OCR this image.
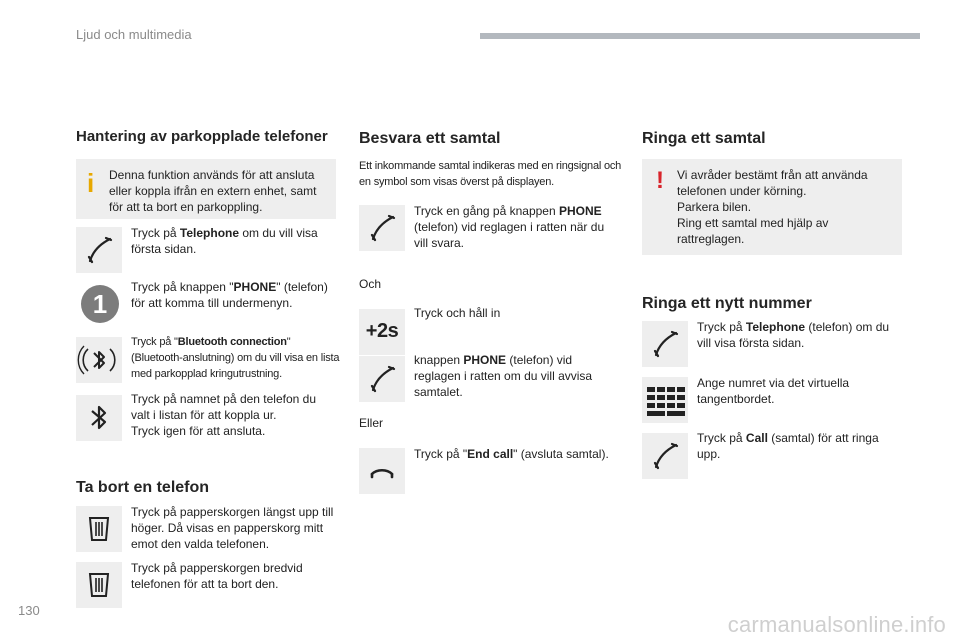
Ljud och multimedia
Hantering av parkopplade telefoner
i Denna funktion används för att ansluta eller koppla ifrån en extern enhet, samt för att ta bort en parkoppling.
Tryck på Telephone om du vill visa första sidan.
1
Tryck på knappen "PHONE" (telefon) för att komma till undermenyn.
Tryck på "Bluetooth connection" (Bluetooth-anslutning) om du vill visa en lista med parkopplad kringutrustning.
Tryck på namnet på den telefon du valt i listan för att koppla ur.
Tryck igen för att ansluta.
Ta bort en telefon
Tryck på papperskorgen längst upp till höger. Då visas en papperskorg mitt emot den valda telefonen.
Tryck på papperskorgen bredvid telefonen för att ta bort den.
Besvara ett samtal
Ett inkommande samtal indikeras med en ringsignal och en symbol som visas överst på displayen.
Tryck en gång på knappen PHONE (telefon) vid reglagen i ratten när du vill svara.
Och
Tryck och håll in
+2s
knappen PHONE (telefon) vid reglagen i ratten om du vill avvisa samtalet.
Eller
Tryck på "End call" (avsluta samtal).
Ringa ett samtal
! Vi avråder bestämt från att använda telefonen under körning.
Parkera bilen.
Ring ett samtal med hjälp av rattreglagen.
Ringa ett nytt nummer
Tryck på Telephone (telefon) om du vill visa första sidan.
Ange numret via det virtuella tangentbordet.
Tryck på Call (samtal) för att ringa upp.
130
carmanualsonline.info
